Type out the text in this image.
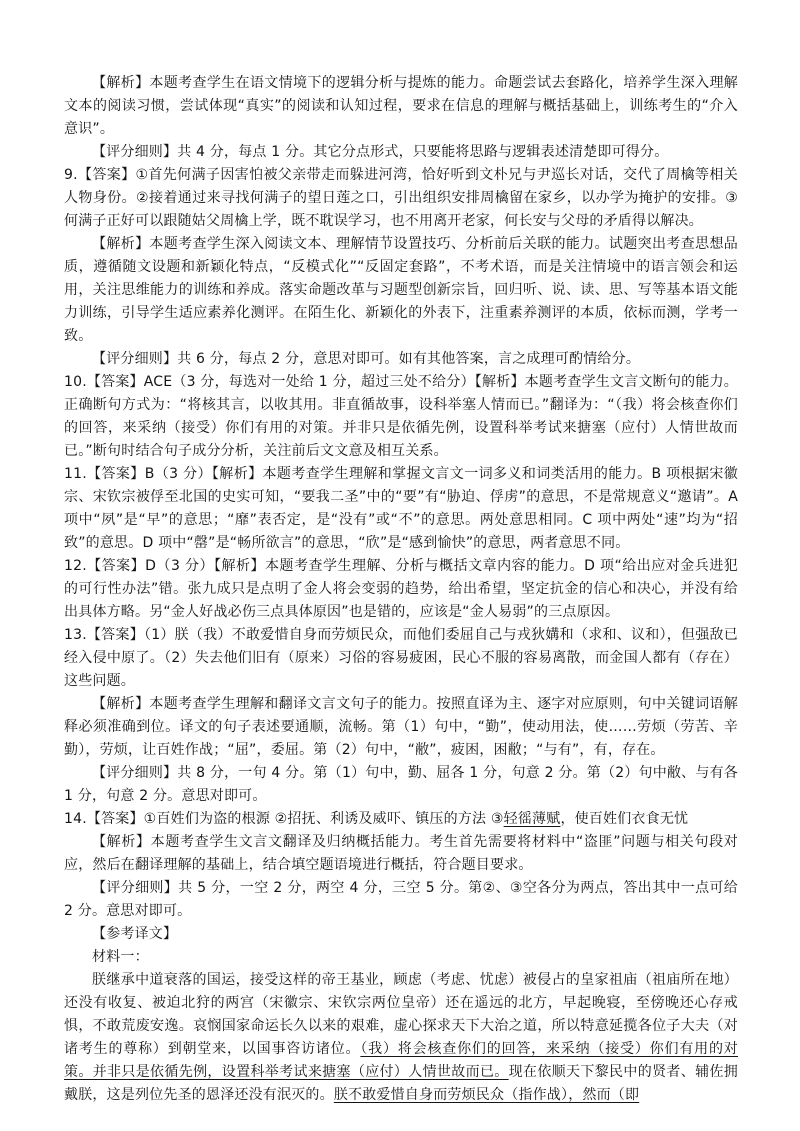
【解析】本题考查学生在语文情境下的逻辑分析与提炼的能力。命题尝试去套路化，培养学生深入理解文本的阅读习惯，尝试体现“真实”的阅读和认知过程，要求在信息的理解与概括基础上，训练考生的“介入意识”。

【评分细则】共 4 分，每点 1 分。其它分点形式，只要能将思路与逻辑表述清楚即可得分。

9.【答案】①首先何满子因害怕被父亲带走而躲进河湾，恰好听到文朴兄与尹巡长对话，交代了周檎等相关人物身份。②接着通过来寻找何满子的望日莲之口，引出组织安排周檎留在家乡，以办学为掩护的安排。③何满子正好可以跟随姑父周檎上学，既不耽误学习，也不用离开老家，何长安与父母的矛盾得以解决。

【解析】本题考查学生深入阅读文本、理解情节设置技巧、分析前后关联的能力。试题突出考查思想品质，遵循随文设题和新颖化特点，“反模式化”“反固定套路”，不考术语，而是关注情境中的语言领会和运用，关注思维能力的训练和养成。落实命题改革与习题型创新宗旨，回归听、说、读、思、写等基本语文能力训练，引导学生适应素养化测评。在陌生化、新颖化的外表下，注重素养测评的本质，依标而测，学考一致。

【评分细则】共 6 分，每点 2 分，意思对即可。如有其他答案，言之成理可酌情给分。

10.【答案】ACE（3 分，每选对一处给 1 分，超过三处不给分）【解析】本题考查学生文言文断句的能力。正确断句方式为：“将核其言，以收其用。非直循故事，设科举塞人情而已。”翻译为：“（我）将会核查你们的回答，来采纳（接受）你们有用的对策。并非只是依循先例，设置科举考试来搪塞（应付）人情世故而已。”断句时结合句子成分分析，关注前后文文意及相互关系。

11.【答案】B（3 分）【解析】本题考查学生理解和掌握文言文一词多义和词类活用的能力。B 项根据宋徽宗、宋钦宗被俘至北国的史实可知，“要我二圣”中的“要”有“胁迫、俘虏”的意思，不是常规意义“邀请”。A 项中“夙”是“早”的意思；“靡”表否定，是“没有”或“不”的意思。两处意思相同。C 项中两处“速”均为“招致”的意思。D 项中“罄”是“畅所欲言”的意思，“欣”是“感到愉快”的意思，两者意思不同。

12.【答案】D（3 分）【解析】本题考查学生理解、分析与概括文章内容的能力。D 项“给出应对金兵进犯的可行性办法”错。张九成只是点明了金人将会变弱的趋势，给出希望，坚定抗金的信心和决心，并没有给出具体方略。另“金人好战必伤三点具体原因”也是错的，应该是“金人易弱”的三点原因。

13.【答案】（1）朕（我）不敢爱惜自身而劳烦民众，而他们委屈自己与戎狄媾和（求和、议和），但强敌已经入侵中原了。（2）失去他们旧有（原来）习俗的容易疲困，民心不服的容易离散，而金国人都有（存在）这些问题。

【解析】本题考查学生理解和翻译文言文句子的能力。按照直译为主、逐字对应原则，句中关键词语解释必须准确到位。译文的句子表述要通顺，流畅。第（1）句中，“勤”，使动用法，使……劳烦（劳苦、辛勤），劳烦，让百姓作战；“屈”，委屈。第（2）句中，“敝”，疲困，困敝；“与有”，有，存在。

【评分细则】共 8 分，一句 4 分。第（1）句中，勤、屈各 1 分，句意 2 分。第（2）句中敝、与有各 1 分，句意 2 分。意思对即可。

14.【答案】①百姓们为盗的根源 ②招抚、利诱及威吓、镇压的方法 ③轻徭薄赋，使百姓们衣食无忧

【解析】本题考查学生文言文翻译及归纳概括能力。考生首先需要将材料中“盗匪”问题与相关句段对应，然后在翻译理解的基础上，结合填空题语境进行概括，符合题目要求。

【评分细则】共 5 分，一空 2 分，两空 4 分，三空 5 分。第②、③空各分为两点，答出其中一点可给 2 分。意思对即可。

【参考译文】

材料一：

朕继承中道衰落的国运，接受这样的帝王基业，顾虑（考虑、忧虑）被侵占的皇家祖庙（祖庙所在地）还没有收复、被迫北狩的两宫（宋徽宗、宋钦宗两位皇帝）还在遥远的北方，早起晚寝，至傍晚还心存戒惧，不敢荒废安逸。哀悯国家命运长久以来的艰难，虚心探求天下大治之道，所以特意延揽各位子大夫（对诸考生的尊称）到朝堂来，以国事咨访诸位。（我）将会核查你们的回答，来采纳（接受）你们有用的对策。并非只是依循先例，设置科举考试来搪塞（应付）人情世故而已。现在依顺天下黎民中的贤者、辅佐拥戴朕，这是列位先圣的恩泽还没有泯灭的。朕不敢爱惜自身而劳烦民众（指作战），然而（即
